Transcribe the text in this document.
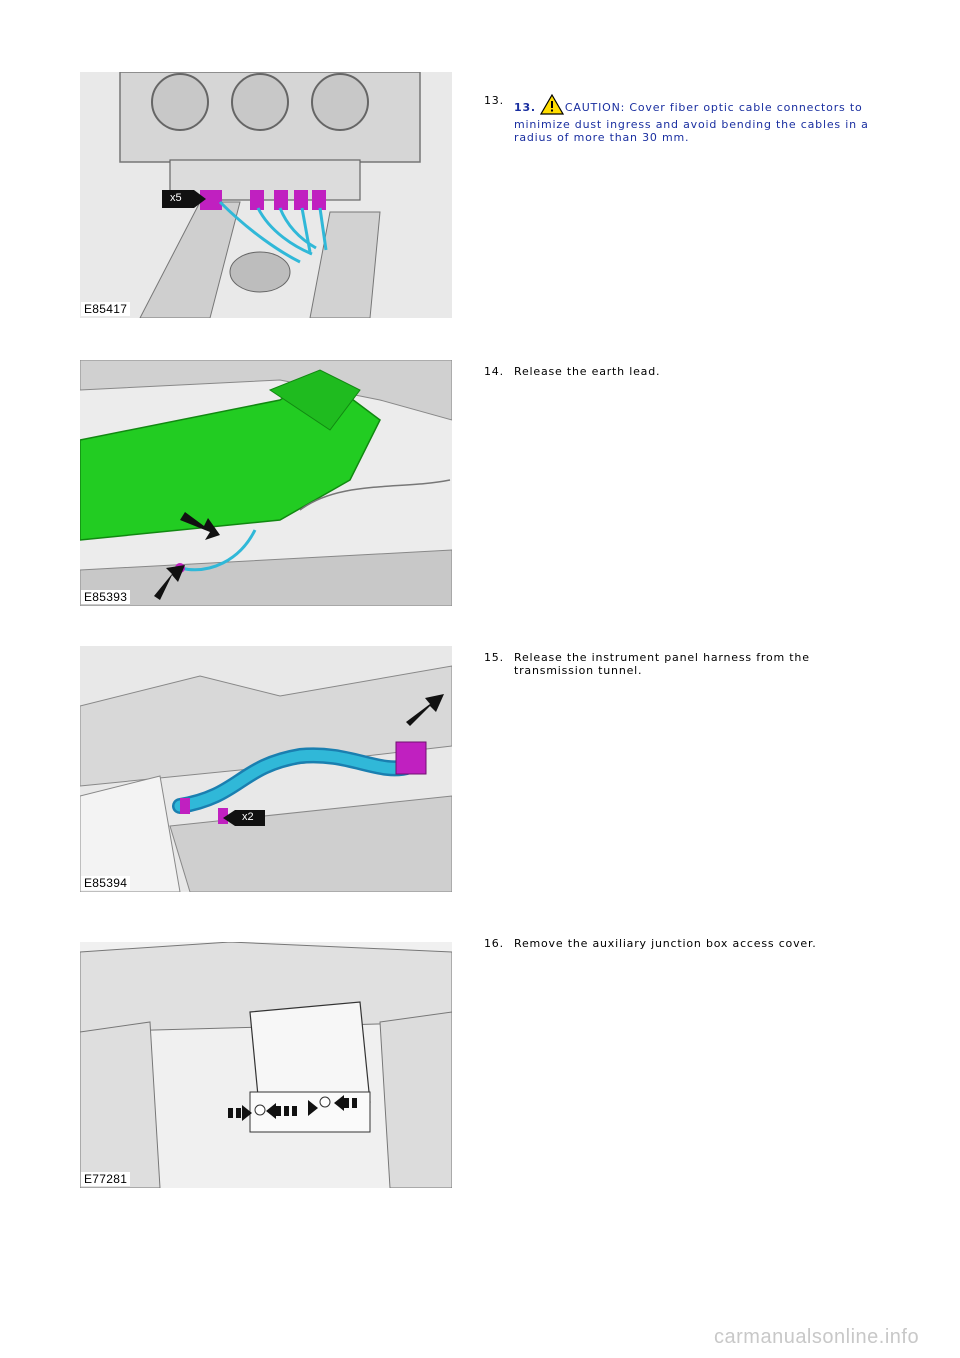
x5
E85417
13.
13.	CAUTION: Cover fiber optic cable connectors to minimize dust ingress and avoid bending the cables in a radius of more than 30 mm.
E85393
14. Release the earth lead.
x2
E85394
15. Release the instrument panel harness from the transmission tunnel.
E77281
16. Remove the auxiliary junction box access cover.
carmanualsonline.info
